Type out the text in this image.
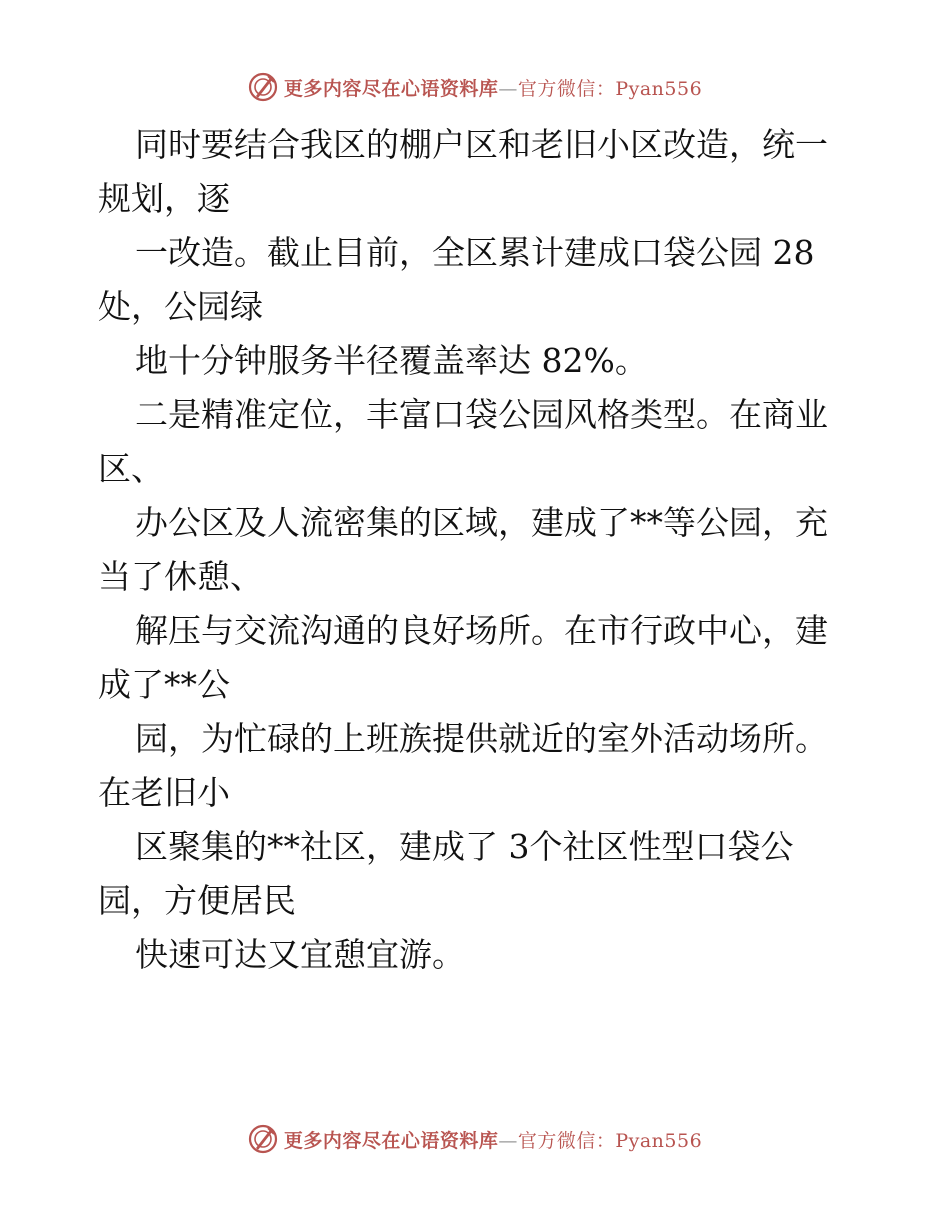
更多内容尽在心语资料库—官方微信：Pyan556
同时要结合我区的棚户区和老旧小区改造，统一
规划，逐
一改造。截止目前，全区累计建成口袋公园 28
处，公园绿
地十分钟服务半径覆盖率达 82%。
二是精准定位，丰富口袋公园风格类型。在商业
区、
办公区及人流密集的区域，建成了**等公园，充
当了休憩、
解压与交流沟通的良好场所。在市行政中心，建
成了**公
园，为忙碌的上班族提供就近的室外活动场所。
在老旧小
区聚集的**社区，建成了 3个社区性型口袋公
园，方便居民
快速可达又宜憩宜游。
更多内容尽在心语资料库—官方微信：Pyan556
